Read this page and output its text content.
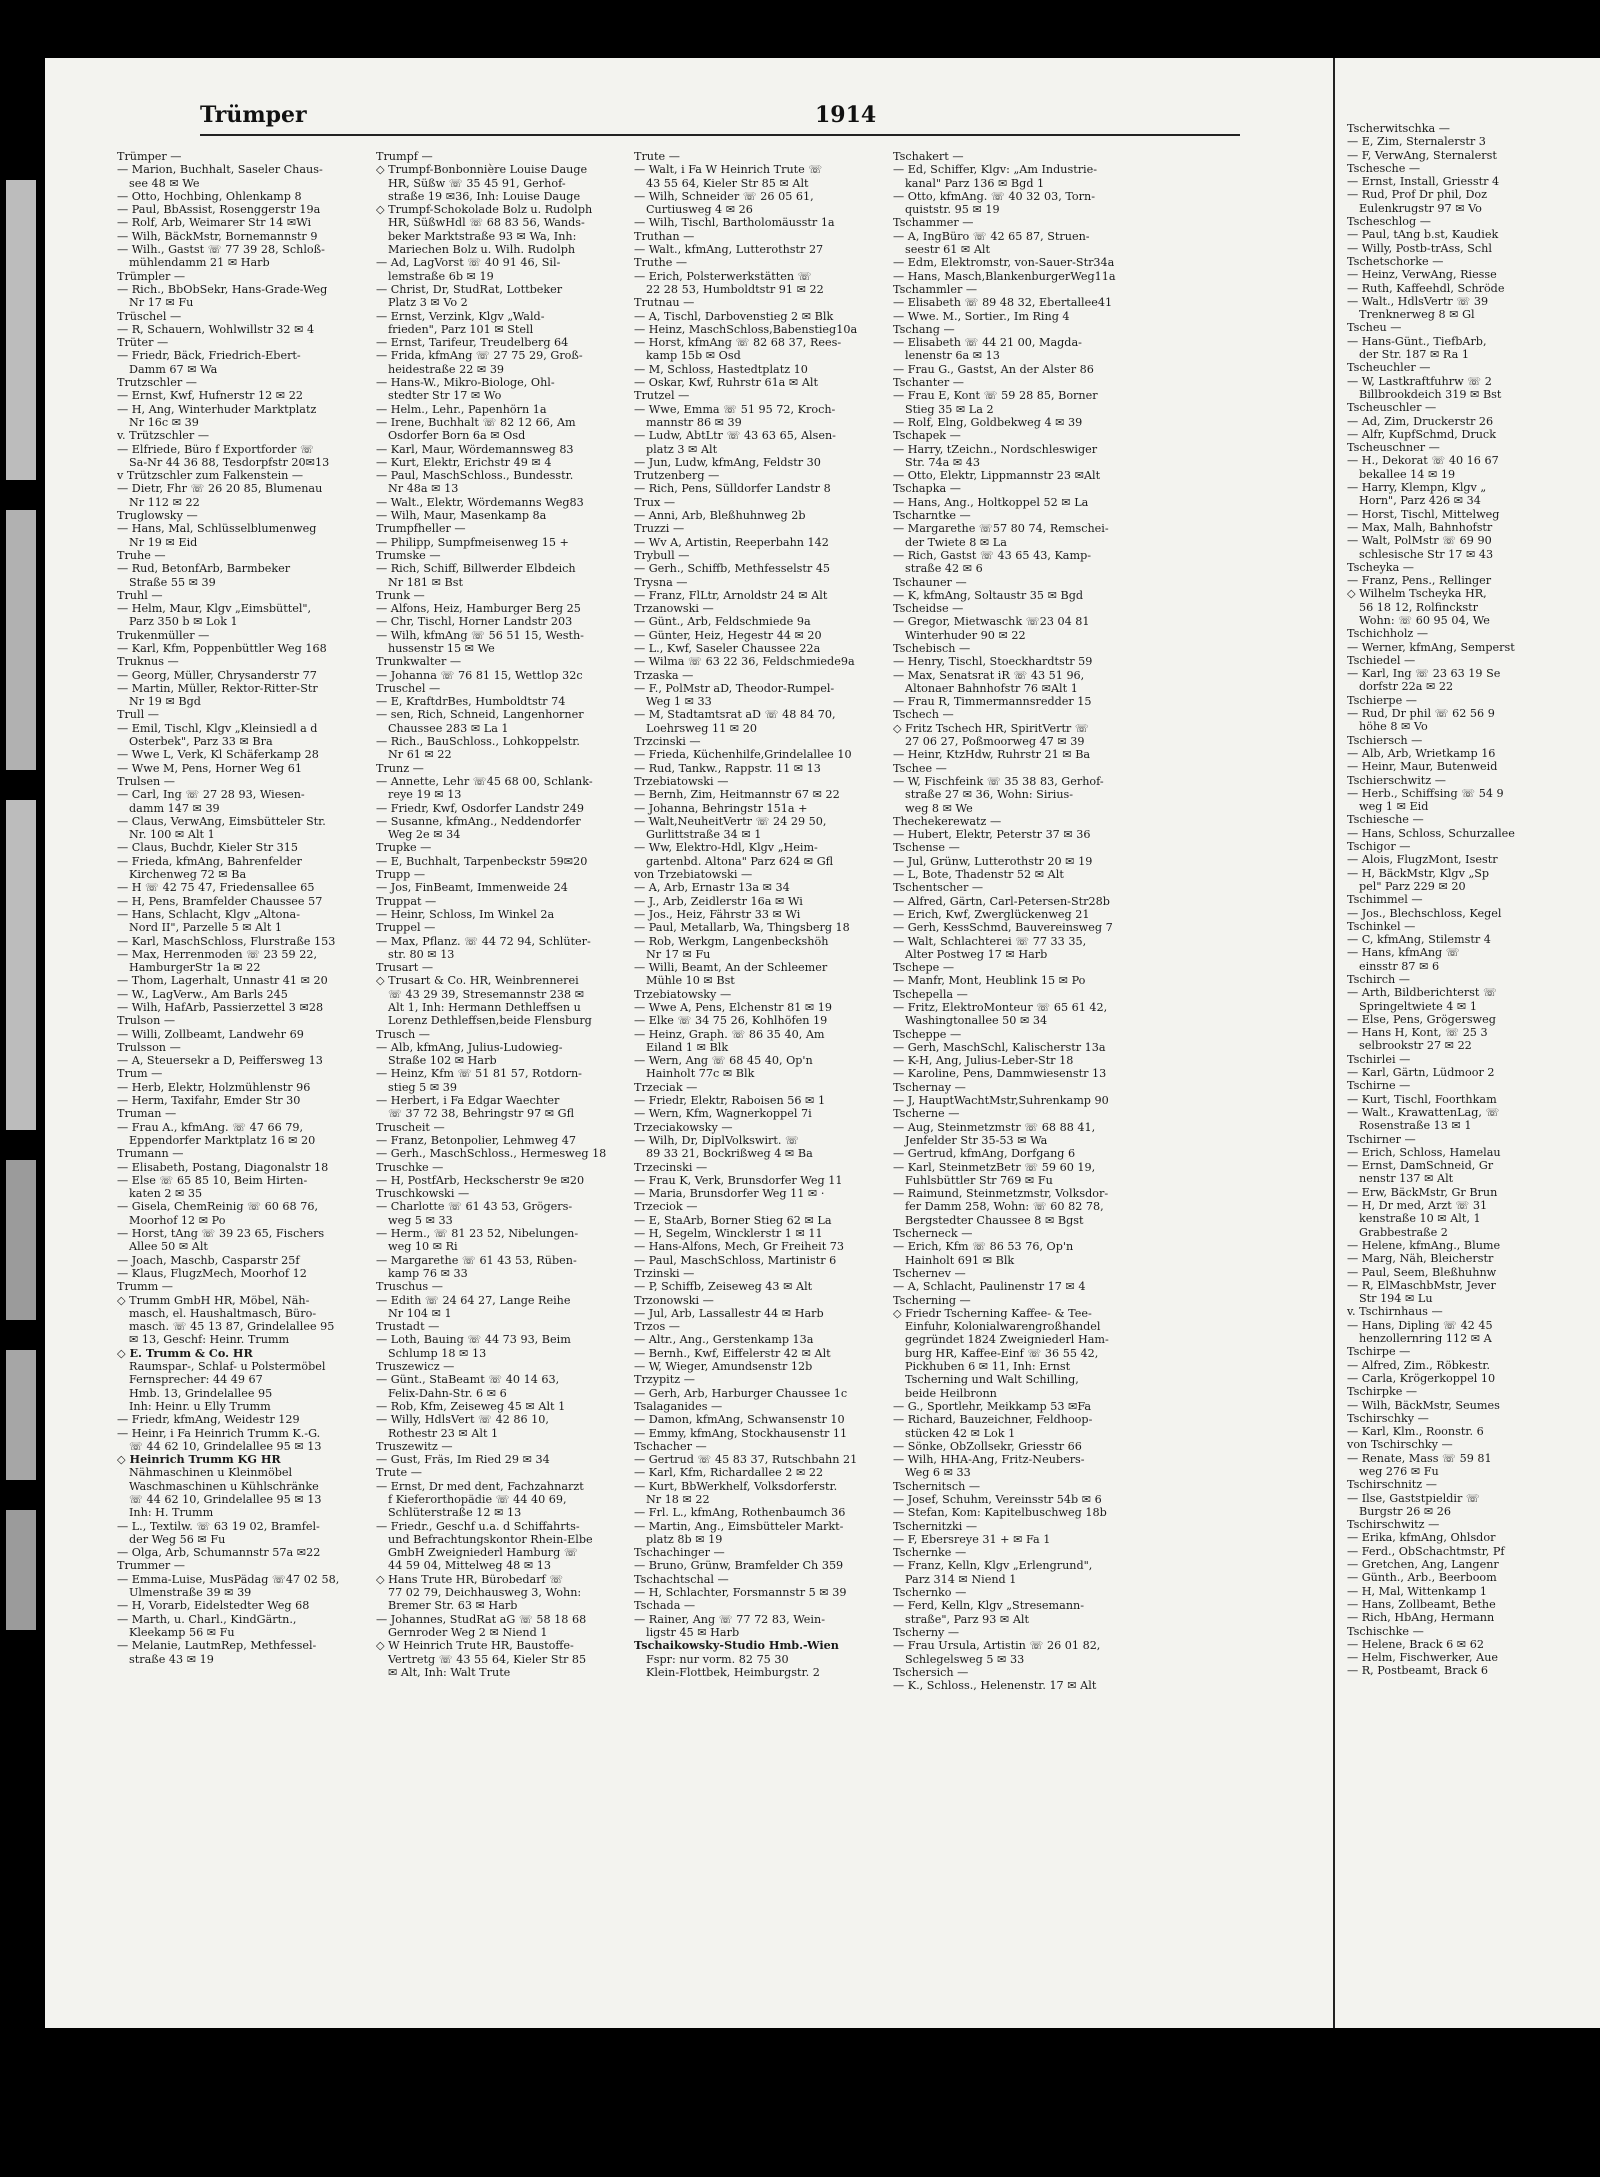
Trümper	1914
Trümper —
— Marion, Buchhalt, Saseler Chaus-
see 48 ✉ We
— Otto, Hochbing, Ohlenkamp 8
— Paul, BbAssist, Rosenggerstr 19a
— Rolf, Arb, Weimarer Str 14 ✉Wi
— Wilh, BäckMstr, Bornemannstr 9
— Wilh., Gastst ☏ 77 39 28, Schloß-
mühlendamm 21 ✉ Harb
Trümpler —
— Rich., BbObSekr, Hans-Grade-Weg
Nr 17 ✉ Fu
Trüschel —
— R, Schauern, Wohlwillstr 32 ✉ 4
Trüter —
— Friedr, Bäck, Friedrich-Ebert-
Damm 67 ✉ Wa
Trutzschler —
— Ernst, Kwf, Hufnerstr 12 ✉ 22
— H, Ang, Winterhuder Marktplatz
Nr 16c ✉ 39
v. Trützschler —
— Elfriede, Büro f Exportforder ☏
Sa-Nr 44 36 88, Tesdorpfstr 20✉13
v Trützschler zum Falkenstein —
— Dietr, Fhr ☏ 26 20 85, Blumenau
Nr 112 ✉ 22
Truglowsky —
— Hans, Mal, Schlüsselblumenweg
Nr 19 ✉ Eid
Truhe —
— Rud, BetonfArb, Barmbeker
Straße 55 ✉ 39
Truhl —
— Helm, Maur, Klgv „Eimsbüttel",
Parz 350 b ✉ Lok 1
Trukenmüller —
— Karl, Kfm, Poppenbüttler Weg 168
Truknus —
— Georg, Müller, Chrysanderstr 77
— Martin, Müller, Rektor-Ritter-Str
Nr 19 ✉ Bgd
Trull —
— Emil, Tischl, Klgv „Kleinsiedl a d
Osterbek", Parz 33 ✉ Bra
— Wwe L, Verk, Kl Schäferkamp 28
— Wwe M, Pens, Horner Weg 61
Trulsen —
— Carl, Ing ☏ 27 28 93, Wiesen-
damm 147 ✉ 39
— Claus, VerwAng, Eimsbütteler Str.
Nr. 100 ✉ Alt 1
— Claus, Buchdr, Kieler Str 315
— Frieda, kfmAng, Bahrenfelder
Kirchenweg 72 ✉ Ba
— H ☏ 42 75 47, Friedensallee 65
— H, Pens, Bramfelder Chaussee 57
— Hans, Schlacht, Klgv „Altona-
Nord II", Parzelle 5 ✉ Alt 1
— Karl, MaschSchloss, Flurstraße 153
— Max, Herrenmoden ☏ 23 59 22,
HamburgerStr 1a ✉ 22
— Thom, Lagerhalt, Unnastr 41 ✉ 20
— W., LagVerw., Am Barls 245
— Wilh, HafArb, Passierzettel 3 ✉28
Trulson —
— Willi, Zollbeamt, Landwehr 69
Trulsson —
— A, Steuersekr a D, Peiffersweg 13
Trum —
— Herb, Elektr, Holzmühlenstr 96
— Herm, Taxifahr, Emder Str 30
Truman —
— Frau A., kfmAng. ☏ 47 66 79,
Eppendorfer Marktplatz 16 ✉ 20
Trumann —
— Elisabeth, Postang, Diagonalstr 18
— Else ☏ 65 85 10, Beim Hirten-
katen 2 ✉ 35
— Gisela, ChemReinig ☏ 60 68 76,
Moorhof 12 ✉ Po
— Horst, tAng ☏ 39 23 65, Fischers
Allee 50 ✉ Alt
— Joach, Maschb, Casparstr 25f
— Klaus, FlugzMech, Moorhof 12
Trumm —
◇ Trumm GmbH HR, Möbel, Näh-
masch, el. Haushaltmasch, Büro-
masch. ☏ 45 13 87, Grindelallee 95
✉ 13, Geschf: Heinr. Trumm
◇ E. Trumm & Co. HR
Raumspar-, Schlaf- u Polstermöbel
Fernsprecher: 44 49 67
Hmb. 13, Grindelallee 95
Inh: Heinr. u Elly Trumm
— Friedr, kfmAng, Weidestr 129
— Heinr, i Fa Heinrich Trumm K.-G.
☏ 44 62 10, Grindelallee 95 ✉ 13
◇ Heinrich Trumm KG HR
Nähmaschinen u Kleinmöbel
Waschmaschinen u Kühlschränke
☏ 44 62 10, Grindelallee 95 ✉ 13
Inh: H. Trumm
— L., Textilw. ☏ 63 19 02, Bramfel-
der Weg 56 ✉ Fu
— Olga, Arb, Schumannstr 57a ✉22
Trummer —
— Emma-Luise, MusPädag ☏47 02 58,
Ulmenstraße 39 ✉ 39
— H, Vorarb, Eidelstedter Weg 68
— Marth, u. Charl., KindGärtn.,
Kleekamp 56 ✉ Fu
— Melanie, LautmRep, Methfessel-
straße 43 ✉ 19
Trumpf —
◇ Trumpf-Bonbonnière Louise Dauge
HR, Süßw ☏ 35 45 91, Gerhof-
straße 19 ✉36, Inh: Louise Dauge
◇ Trumpf-Schokolade Bolz u. Rudolph
HR, SüßwHdl ☏ 68 83 56, Wands-
beker Marktstraße 93 ✉ Wa, Inh:
Mariechen Bolz u. Wilh. Rudolph
— Ad, LagVorst ☏ 40 91 46, Sil-
lemstraße 6b ✉ 19
— Christ, Dr, StudRat, Lottbeker
Platz 3 ✉ Vo 2
— Ernst, Verzink, Klgv „Wald-
frieden", Parz 101 ✉ Stell
— Ernst, Tarifeur, Treudelberg 64
— Frida, kfmAng ☏ 27 75 29, Groß-
heidestraße 22 ✉ 39
— Hans-W., Mikro-Biologe, Ohl-
stedter Str 17 ✉ Wo
— Helm., Lehr., Papenhörn 1a
— Irene, Buchhalt ☏ 82 12 66, Am
Osdorfer Born 6a ✉ Osd
— Karl, Maur, Wördemannsweg 83
— Kurt, Elektr, Erichstr 49 ✉ 4
— Paul, MaschSchloss., Bundesstr.
Nr 48a ✉ 13
— Walt., Elektr, Wördemanns Weg83
— Wilh, Maur, Masenkamp 8a
Trumpfheller —
— Philipp, Sumpfmeisenweg 15 +
Trumske —
— Rich, Schiff, Billwerder Elbdeich
Nr 181 ✉ Bst
Trunk —
— Alfons, Heiz, Hamburger Berg 25
— Chr, Tischl, Horner Landstr 203
— Wilh, kfmAng ☏ 56 51 15, Westh-
hussenstr 15 ✉ We
Trunkwalter —
— Johanna ☏ 76 81 15, Wettlop 32c
Truschel —
— E, KraftdrBes, Humboldtstr 74
— sen, Rich, Schneid, Langenhorner
Chaussee 283 ✉ La 1
— Rich., BauSchloss., Lohkoppelstr.
Nr 61 ✉ 22
Trunz —
— Annette, Lehr ☏45 68 00, Schlank-
reye 19 ✉ 13
— Friedr, Kwf, Osdorfer Landstr 249
— Susanne, kfmAng., Neddendorfer
Weg 2e ✉ 34
Trupke —
— E, Buchhalt, Tarpenbeckstr 59✉20
Trupp —
— Jos, FinBeamt, Immenweide 24
Truppat —
— Heinr, Schloss, Im Winkel 2a
Truppel —
— Max, Pflanz. ☏ 44 72 94, Schlüter-
str. 80 ✉ 13
Trusart —
◇ Trusart & Co. HR, Weinbrennerei
☏ 43 29 39, Stresemannstr 238 ✉
Alt 1, Inh: Hermann Dethleffsen u
Lorenz Dethleffsen,beide Flensburg
Trusch —
— Alb, kfmAng, Julius-Ludowieg-
Straße 102 ✉ Harb
— Heinz, Kfm ☏ 51 81 57, Rotdorn-
stieg 5 ✉ 39
— Herbert, i Fa Edgar Waechter
☏ 37 72 38, Behringstr 97 ✉ Gfl
Truscheit —
— Franz, Betonpolier, Lehmweg 47
— Gerh., MaschSchloss., Hermesweg 18
Truschke —
— H, PostfArb, Heckscherstr 9e ✉20
Truschkowski —
— Charlotte ☏ 61 43 53, Grögers-
weg 5 ✉ 33
— Herm., ☏ 81 23 52, Nibelungen-
weg 10 ✉ Ri
— Margarethe ☏ 61 43 53, Rüben-
kamp 76 ✉ 33
Truschus —
— Edith ☏ 24 64 27, Lange Reihe
Nr 104 ✉ 1
Trustadt —
— Loth, Bauing ☏ 44 73 93, Beim
Schlump 18 ✉ 13
Truszewicz —
— Günt., StaBeamt ☏ 40 14 63,
Felix-Dahn-Str. 6 ✉ 6
— Rob, Kfm, Zeiseweg 45 ✉ Alt 1
— Willy, HdlsVert ☏ 42 86 10,
Rothestr 23 ✉ Alt 1
Truszewitz —
— Gust, Fräs, Im Ried 29 ✉ 34
Trute —
— Ernst, Dr med dent, Fachzahnarzt
f Kieferorthopädie ☏ 44 40 69,
Schlüterstraße 12 ✉ 13
— Friedr., Geschf u.a. d Schiffahrts-
und Befrachtungskontor Rhein-Elbe
GmbH Zweigniederl Hamburg ☏
44 59 04, Mittelweg 48 ✉ 13
◇ Hans Trute HR, Bürobedarf ☏
77 02 79, Deichhausweg 3, Wohn:
Bremer Str. 63 ✉ Harb
— Johannes, StudRat aG ☏ 58 18 68
Gernroder Weg 2 ✉ Niend 1
◇ W Heinrich Trute HR, Baustoffe-
Vertretg ☏ 43 55 64, Kieler Str 85
✉ Alt, Inh: Walt Trute
Trute —
— Walt, i Fa W Heinrich Trute ☏
43 55 64, Kieler Str 85 ✉ Alt
— Wilh, Schneider ☏ 26 05 61,
Curtiusweg 4 ✉ 26
— Wilh, Tischl, Bartholomäusstr 1a
Truthan —
— Walt., kfmAng, Lutterothstr 27
Truthe —
— Erich, Polsterwerkstätten ☏
22 28 53, Humboldtstr 91 ✉ 22
Trutnau —
— A, Tischl, Darbovenstieg 2 ✉ Blk
— Heinz, MaschSchloss,Babenstieg10a
— Horst, kfmAng ☏ 82 68 37, Rees-
kamp 15b ✉ Osd
— M, Schloss, Hastedtplatz 10
— Oskar, Kwf, Ruhrstr 61a ✉ Alt
Trutzel —
— Wwe, Emma ☏ 51 95 72, Kroch-
mannstr 86 ✉ 39
— Ludw, AbtLtr ☏ 43 63 65, Alsen-
platz 3 ✉ Alt
— Jun, Ludw, kfmAng, Feldstr 30
Trutzenberg —
— Rich, Pens, Sülldorfer Landstr 8
Trux —
— Anni, Arb, Bleßhuhnweg 2b
Truzzi —
— Wv A, Artistin, Reeperbahn 142
Trybull —
— Gerh., Schiffb, Methfesselstr 45
Trysna —
— Franz, FlLtr, Arnoldstr 24 ✉ Alt
Trzanowski —
— Günt., Arb, Feldschmiede 9a
— Günter, Heiz, Hegestr 44 ✉ 20
— L., Kwf, Saseler Chaussee 22a
— Wilma ☏ 63 22 36, Feldschmiede9a
Trzaska —
— F., PolMstr aD, Theodor-Rumpel-
Weg 1 ✉ 33
— M, Stadtamtsrat aD ☏ 48 84 70,
Loehrsweg 11 ✉ 20
Trzcinski —
— Frieda, Küchenhilfe,Grindelallee 10
— Rud, Tankw., Rappstr. 11 ✉ 13
Trzebiatowski —
— Bernh, Zim, Heitmannstr 67 ✉ 22
— Johanna, Behringstr 151a +
— Walt,NeuheitVertr ☏ 24 29 50,
Gurlittstraße 34 ✉ 1
— Ww, Elektro-Hdl, Klgv „Heim-
gartenbd. Altona" Parz 624 ✉ Gfl
von Trzebiatowski —
— A, Arb, Ernastr 13a ✉ 34
— J., Arb, Zeidlerstr 16a ✉ Wi
— Jos., Heiz, Fährstr 33 ✉ Wi
— Paul, Metallarb, Wa, Thingsberg 18
— Rob, Werkgm, Langenbeckshöh
Nr 17 ✉ Fu
— Willi, Beamt, An der Schleemer
Mühle 10 ✉ Bst
Trzebiatowsky —
— Wwe A, Pens, Elchenstr 81 ✉ 19
— Elke ☏ 34 75 26, Kohlhöfen 19
— Heinz, Graph. ☏ 86 35 40, Am
Eiland 1 ✉ Blk
— Wern, Ang ☏ 68 45 40, Op'n
Hainholt 77c ✉ Blk
Trzeciak —
— Friedr, Elektr, Raboisen 56 ✉ 1
— Wern, Kfm, Wagnerkoppel 7i
Trzeciakowsky —
— Wilh, Dr, DiplVolkswirt. ☏
89 33 21, Bockrißweg 4 ✉ Ba
Trzecinski —
— Frau K, Verk, Brunsdorfer Weg 11
— Maria, Brunsdorfer Weg 11 ✉ ·
Trzeciok —
— E, StaArb, Borner Stieg 62 ✉ La
— H, Segelm, Wincklerstr 1 ✉ 11
— Hans-Alfons, Mech, Gr Freiheit 73
— Paul, MaschSchloss, Martinistr 6
Trzinski —
— P, Schiffb, Zeiseweg 43 ✉ Alt
Trzonowski —
— Jul, Arb, Lassallestr 44 ✉ Harb
Trzos —
— Altr., Ang., Gerstenkamp 13a
— Bernh., Kwf, Eiffelerstr 42 ✉ Alt
— W, Wieger, Amundsenstr 12b
Trzypitz —
— Gerh, Arb, Harburger Chaussee 1c
Tsalaganides —
— Damon, kfmAng, Schwansenstr 10
— Emmy, kfmAng, Stockhausenstr 11
Tschacher —
— Gertrud ☏ 45 83 37, Rutschbahn 21
— Karl, Kfm, Richardallee 2 ✉ 22
— Kurt, BbWerkhelf, Volksdorferstr.
Nr 18 ✉ 22
— Frl. L., kfmAng, Rothenbaumch 36
— Martin, Ang., Eimsbütteler Markt-
platz 8b ✉ 19
Tschachinger —
— Bruno, Grünw, Bramfelder Ch 359
Tschachtschal —
— H, Schlachter, Forsmannstr 5 ✉ 39
Tschada —
— Rainer, Ang ☏ 77 72 83, Wein-
ligstr 45 ✉ Harb
Tschaikowsky-Studio Hmb.-Wien
Fspr: nur vorm. 82 75 30
Klein-Flottbek, Heimburgstr. 2
Tschakert —
— Ed, Schiffer, Klgv: „Am Industrie-
kanal" Parz 136 ✉ Bgd 1
— Otto, kfmAng. ☏ 40 32 03, Torn-
quiststr. 95 ✉ 19
Tschammer —
— A, IngBüro ☏ 42 65 87, Struen-
seestr 61 ✉ Alt
— Edm, Elektromstr, von-Sauer-Str34a
— Hans, Masch,BlankenburgerWeg11a
Tschammler —
— Elisabeth ☏ 89 48 32, Ebertallee41
— Wwe. M., Sortier., Im Ring 4
Tschang —
— Elisabeth ☏ 44 21 00, Magda-
lenenstr 6a ✉ 13
— Frau G., Gastst, An der Alster 86
Tschanter —
— Frau E, Kont ☏ 59 28 85, Borner
Stieg 35 ✉ La 2
— Rolf, Elng, Goldbekweg 4 ✉ 39
Tschapek —
— Harry, tZeichn., Nordschleswiger
Str. 74a ✉ 43
— Otto, Elektr, Lippmannstr 23 ✉Alt
Tschapka —
— Hans, Ang., Holtkoppel 52 ✉ La
Tscharntke —
— Margarethe ☏57 80 74, Remschei-
der Twiete 8 ✉ La
— Rich, Gastst ☏ 43 65 43, Kamp-
straße 42 ✉ 6
Tschauner —
— K, kfmAng, Soltaustr 35 ✉ Bgd
Tscheidse —
— Gregor, Mietwaschk ☏23 04 81
Winterhuder 90 ✉ 22
Tschebisch —
— Henry, Tischl, Stoeckhardtstr 59
— Max, Senatsrat iR ☏ 43 51 96,
Altonaer Bahnhofstr 76 ✉Alt 1
— Frau R, Timmermannsredder 15
Tschech —
◇ Fritz Tschech HR, SpiritVertr ☏
27 06 27, Poßmoorweg 47 ✉ 39
— Heinr, KtzHdw, Ruhrstr 21 ✉ Ba
Tschee —
— W, Fischfeink ☏ 35 38 83, Gerhof-
straße 27 ✉ 36, Wohn: Sirius-
weg 8 ✉ We
Thechekerewatz —
— Hubert, Elektr, Peterstr 37 ✉ 36
Tschense —
— Jul, Grünw, Lutterothstr 20 ✉ 19
— L, Bote, Thadenstr 52 ✉ Alt
Tschentscher —
— Alfred, Gärtn, Carl-Petersen-Str28b
— Erich, Kwf, Zwerglückenweg 21
— Gerh, KessSchmd, Bauvereinsweg 7
— Walt, Schlachterei ☏ 77 33 35,
Alter Postweg 17 ✉ Harb
Tschepe —
— Manfr, Mont, Heublink 15 ✉ Po
Tschepella —
— Fritz, ElektroMonteur ☏ 65 61 42,
Washingtonallee 50 ✉ 34
Tscheppe —
— Gerh, MaschSchl, Kalischerstr 13a
— K-H, Ang, Julius-Leber-Str 18
— Karoline, Pens, Dammwiesenstr 13
Tschernay —
— J, HauptWachtMstr,Suhrenkamp 90
Tscherne —
— Aug, Steinmetzmstr ☏ 68 88 41,
Jenfelder Str 35-53 ✉ Wa
— Gertrud, kfmAng, Dorfgang 6
— Karl, SteinmetzBetr ☏ 59 60 19,
Fuhlsbüttler Str 769 ✉ Fu
— Raimund, Steinmetzmstr, Volksdor-
fer Damm 258, Wohn: ☏ 60 82 78,
Bergstedter Chaussee 8 ✉ Bgst
Tscherneck —
— Erich, Kfm ☏ 86 53 76, Op'n
Hainholt 691 ✉ Blk
Tschernev —
— A, Schlacht, Paulinenstr 17 ✉ 4
Tscherning —
◇ Friedr Tscherning Kaffee- & Tee-
Einfuhr, Kolonialwarengroßhandel
gegründet 1824 Zweigniederl Ham-
burg HR, Kaffee-Einf ☏ 36 55 42,
Pickhuben 6 ✉ 11, Inh: Ernst
Tscherning und Walt Schilling,
beide Heilbronn
— G., Sportlehr, Meikkamp 53 ✉Fa
— Richard, Bauzeichner, Feldhoop-
stücken 42 ✉ Lok 1
— Sönke, ObZollsekr, Griesstr 66
— Wilh, HHA-Ang, Fritz-Neubers-
Weg 6 ✉ 33
Tschernitsch —
— Josef, Schuhm, Vereinsstr 54b ✉ 6
— Stefan, Kom: Kapitelbuschweg 18b
Tschernitzki —
— F, Ebersreye 31 + ✉ Fa 1
Tschernke —
— Franz, Kelln, Klgv „Erlengrund",
Parz 314 ✉ Niend 1
Tschernko —
— Ferd, Kelln, Klgv „Stresemann-
straße", Parz 93 ✉ Alt
Tscherny —
— Frau Ursula, Artistin ☏ 26 01 82,
Schlegelsweg 5 ✉ 33
Tschersich —
— K., Schloss., Helenenstr. 17 ✉ Alt
Tscherwitschka —
— E, Zim, Sternalerstr 3
— F, VerwAng, Sternalerst
Tschesche —
— Ernst, Install, Griesstr 4
— Rud, Prof Dr phil, Doz
Eulenkrugstr 97 ✉ Vo
Tscheschlog —
— Paul, tAng b.st, Kaudiek
— Willy, Postb-trAss, Schl
Tschetschorke —
— Heinz, VerwAng, Riesse
— Ruth, Kaffeehdl, Schröde
— Walt., HdlsVertr ☏ 39
Trenknerweg 8 ✉ Gl
Tscheu —
— Hans-Günt., TiefbArb,
der Str. 187 ✉ Ra 1
Tscheuchler —
— W, Lastkraftfuhrw ☏ 2
Billbrookdeich 319 ✉ Bst
Tscheuschler —
— Ad, Zim, Druckerstr 26
— Alfr, KupfSchmd, Druck
Tscheuschner —
— H., Dekorat ☏ 40 16 67
bekallee 14 ✉ 19
— Harry, Klempn, Klgv „
Horn", Parz 426 ✉ 34
— Horst, Tischl, Mittelweg
— Max, Malh, Bahnhofstr
— Walt, PolMstr ☏ 69 90
schlesische Str 17 ✉ 43
Tscheyka —
— Franz, Pens., Rellinger
◇ Wilhelm Tscheyka HR,
56 18 12, Rolfinckstr
Wohn: ☏ 60 95 04, We
Tschichholz —
— Werner, kfmAng, Semperst
Tschiedel —
— Karl, Ing ☏ 23 63 19 Se
dorfstr 22a ✉ 22
Tschierpe —
— Rud, Dr phil ☏ 62 56 9
höhe 8 ✉ Vo
Tschiersch —
— Alb, Arb, Wrietkamp 16
— Heinr, Maur, Butenweid
Tschierschwitz —
— Herb., Schiffsing ☏ 54 9
weg 1 ✉ Eid
Tschiesche —
— Hans, Schloss, Schurzallee
Tschigor —
— Alois, FlugzMont, Isestr
— H, BäckMstr, Klgv „Sp
pel" Parz 229 ✉ 20
Tschimmel —
— Jos., Blechschloss, Kegel
Tschinkel —
— C, kfmAng, Stilemstr 4
— Hans, kfmAng ☏
einsstr 87 ✉ 6
Tschirch —
— Arth, Bildberichterst ☏
Springeltwiete 4 ✉ 1
— Else, Pens, Grögersweg
— Hans H, Kont, ☏ 25 3
selbrookstr 27 ✉ 22
Tschirlei —
— Karl, Gärtn, Lüdmoor 2
Tschirne —
— Kurt, Tischl, Foorthkam
— Walt., KrawattenLag, ☏
Rosenstraße 13 ✉ 1
Tschirner —
— Erich, Schloss, Hamelau
— Ernst, DamSchneid, Gr
nenstr 137 ✉ Alt
— Erw, BäckMstr, Gr Brun
— H, Dr med, Arzt ☏ 31
kenstraße 10 ✉ Alt, 1
Grabbestraße 2
— Helene, kfmAng., Blume
— Marg, Näh, Bleicherstr
— Paul, Seem, Bleßhuhnw
— R, ElMaschbMstr, Jever
Str 194 ✉ Lu
v. Tschirnhaus —
— Hans, Dipling ☏ 42 45
henzollernring 112 ✉ A
Tschirpe —
— Alfred, Zim., Röbkestr.
— Carla, Krögerkoppel 10
Tschirpke —
— Wilh, BäckMstr, Seumes
Tschirschky —
— Karl, Klm., Roonstr. 6
von Tschirschky —
— Renate, Mass ☏ 59 81
weg 276 ✉ Fu
Tschirschnitz —
— Ilse, Gaststpieldir ☏
Burgstr 26 ✉ 26
Tschirschwitz —
— Erika, kfmAng, Ohlsdor
— Ferd., ObSchachtmstr, Pf
— Gretchen, Ang, Langenr
— Günth., Arb., Beerboom
— H, Mal, Wittenkamp 1
— Hans, Zollbeamt, Bethe
— Rich, HbAng, Hermann
Tschischke —
— Helene, Brack 6 ✉ 62
— Helm, Fischwerker, Aue
— R, Postbeamt, Brack 6
